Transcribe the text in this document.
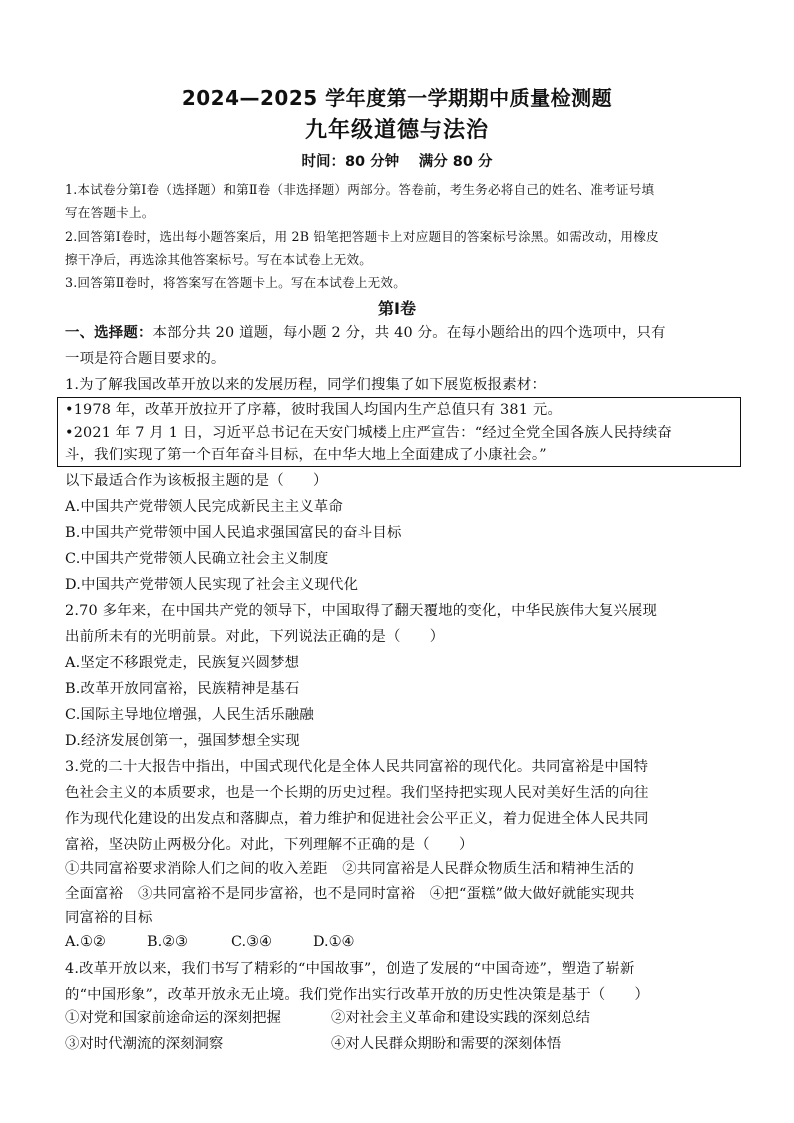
2024—2025 学年度第一学期期中质量检测题
九年级道德与法治
时间：80 分钟　 满分 80 分
1.本试卷分第Ⅰ卷（选择题）和第Ⅱ卷（非选择题）两部分。答卷前，考生务必将自己的姓名、准考证号填
写在答题卡上。
2.回答第Ⅰ卷时，选出每小题答案后，用 2B 铅笔把答题卡上对应题目的答案标号涂黑。如需改动，用橡皮
擦干净后，再选涂其他答案标号。写在本试卷上无效。
3.回答第Ⅱ卷时，将答案写在答题卡上。写在本试卷上无效。
第Ⅰ卷
一、选择题：本部分共 20 道题，每小题 2 分，共 40 分。在每小题给出的四个选项中，只有
一项是符合题目要求的。
1.为了解我国改革开放以来的发展历程，同学们搜集了如下展览板报素材：
•1978 年，改革开放拉开了序幕，彼时我国人均国内生产总值只有 381 元。
•2021 年 7 月 1 日，习近平总书记在天安门城楼上庄严宣告：“经过全党全国各族人民持续奋
斗，我们实现了第一个百年奋斗目标，在中华大地上全面建成了小康社会。”
以下最适合作为该板报主题的是（　　）
A.中国共产党带领人民完成新民主主义革命
B.中国共产党带领中国人民追求强国富民的奋斗目标
C.中国共产党带领人民确立社会主义制度
D.中国共产党带领人民实现了社会主义现代化
2.70 多年来，在中国共产党的领导下，中国取得了翻天覆地的变化，中华民族伟大复兴展现
出前所未有的光明前景。对此，下列说法正确的是（　　）
A.坚定不移跟党走，民族复兴圆梦想
B.改革开放同富裕，民族精神是基石
C.国际主导地位增强，人民生活乐融融
D.经济发展创第一，强国梦想全实现
3.党的二十大报告中指出，中国式现代化是全体人民共同富裕的现代化。共同富裕是中国特
色社会主义的本质要求，也是一个长期的历史过程。我们坚持把实现人民对美好生活的向往
作为现代化建设的出发点和落脚点，着力维护和促进社会公平正义，着力促进全体人民共同
富裕，坚决防止两极分化。对此，下列理解不正确的是（　　）
①共同富裕要求消除人们之间的收入差距　②共同富裕是人民群众物质生活和精神生活的
全面富裕　③共同富裕不是同步富裕，也不是同时富裕　④把“蛋糕”做大做好就能实现共
同富裕的目标
A.①②	B.②③	C.③④	D.①④
4.改革开放以来，我们书写了精彩的“中国故事”，创造了发展的“中国奇迹”，塑造了崭新
的“中国形象”，改革开放永无止境。我们党作出实行改革开放的历史性决策是基于（　　）
①对党和国家前途命运的深刻把握	②对社会主义革命和建设实践的深刻总结
③对时代潮流的深刻洞察	④对人民群众期盼和需要的深刻体悟
